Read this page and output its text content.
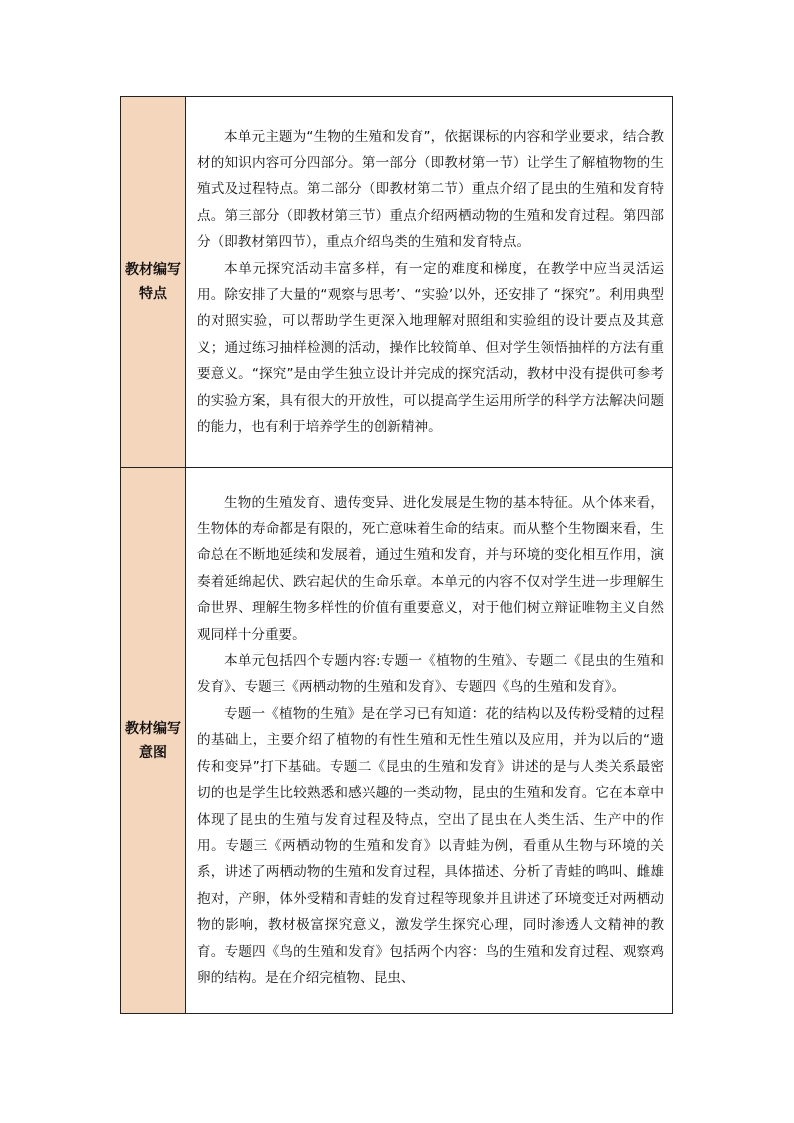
教材编写特点	本单元主题为“生物的生殖和发育”，依据课标的内容和学业要求，结合教材的知识内容可分四部分。第一部分（即教材第一节）让学生了解植物物的生殖式及过程特点。第二部分（即教材第二节）重点介绍了昆虫的生殖和发育特点。第三部分（即教材第三节）重点介绍两栖动物的生殖和发育过程。第四部分（即教材第四节），重点介绍鸟类的生殖和发育特点。

本单元探究活动丰富多样，有一定的难度和梯度，在教学中应当灵活运用。除安排了大量的“观察与思考’、“实验’以外，还安排了 “探究”。利用典型的对照实验，可以帮助学生更深入地理解对照组和实验组的设计要点及其意义；通过练习抽样检测的活动，操作比较简单、但对学生领悟抽样的方法有重要意义。“探究”是由学生独立设计并完成的探究活动，教材中没有提供可参考的实验方案，具有很大的开放性，可以提高学生运用所学的科学方法解决问题的能力，也有利于培养学生的创新精神。

教材编写意图	生物的生殖发育、遗传变异、进化发展是生物的基本特征。从个体来看，生物体的寿命都是有限的，死亡意味着生命的结束。而从整个生物圈来看，生命总在不断地延续和发展着，通过生殖和发育，并与环境的变化相互作用，演奏着延绵起伏、跌宕起伏的生命乐章。本单元的内容不仅对学生进一步理解生命世界、理解生物多样性的价值有重要意义，对于他们树立辩证唯物主义自然观同样十分重要。

本单元包括四个专题内容:专题一《植物的生殖》、专题二《昆虫的生殖和发育》、专题三《两栖动物的生殖和发育》、专题四《鸟的生殖和发育》。

专题一《植物的生殖》是在学习已有知道：花的结构以及传粉受精的过程的基础上，主要介绍了植物的有性生殖和无性生殖以及应用，并为以后的“遗传和变异”打下基础。专题二《昆虫的生殖和发育》讲述的是与人类关系最密切的也是学生比较熟悉和感兴趣的一类动物，昆虫的生殖和发育。它在本章中体现了昆虫的生殖与发育过程及特点，空出了昆虫在人类生活、生产中的作用。专题三《两栖动物的生殖和发育》以青蛙为例，看重从生物与环境的关系，讲述了两栖动物的生殖和发育过程，具体描述、分析了青蛙的鸣叫、雌雄抱对，产卵，体外受精和青蛙的发育过程等现象并且讲述了环境变迁对两栖动物的影响，教材极富探究意义，激发学生探究心理，同时渗透人文精神的教育。专题四《鸟的生殖和发育》包括两个内容：鸟的生殖和发育过程、观察鸡卵的结构。是在介绍完植物、昆虫、
